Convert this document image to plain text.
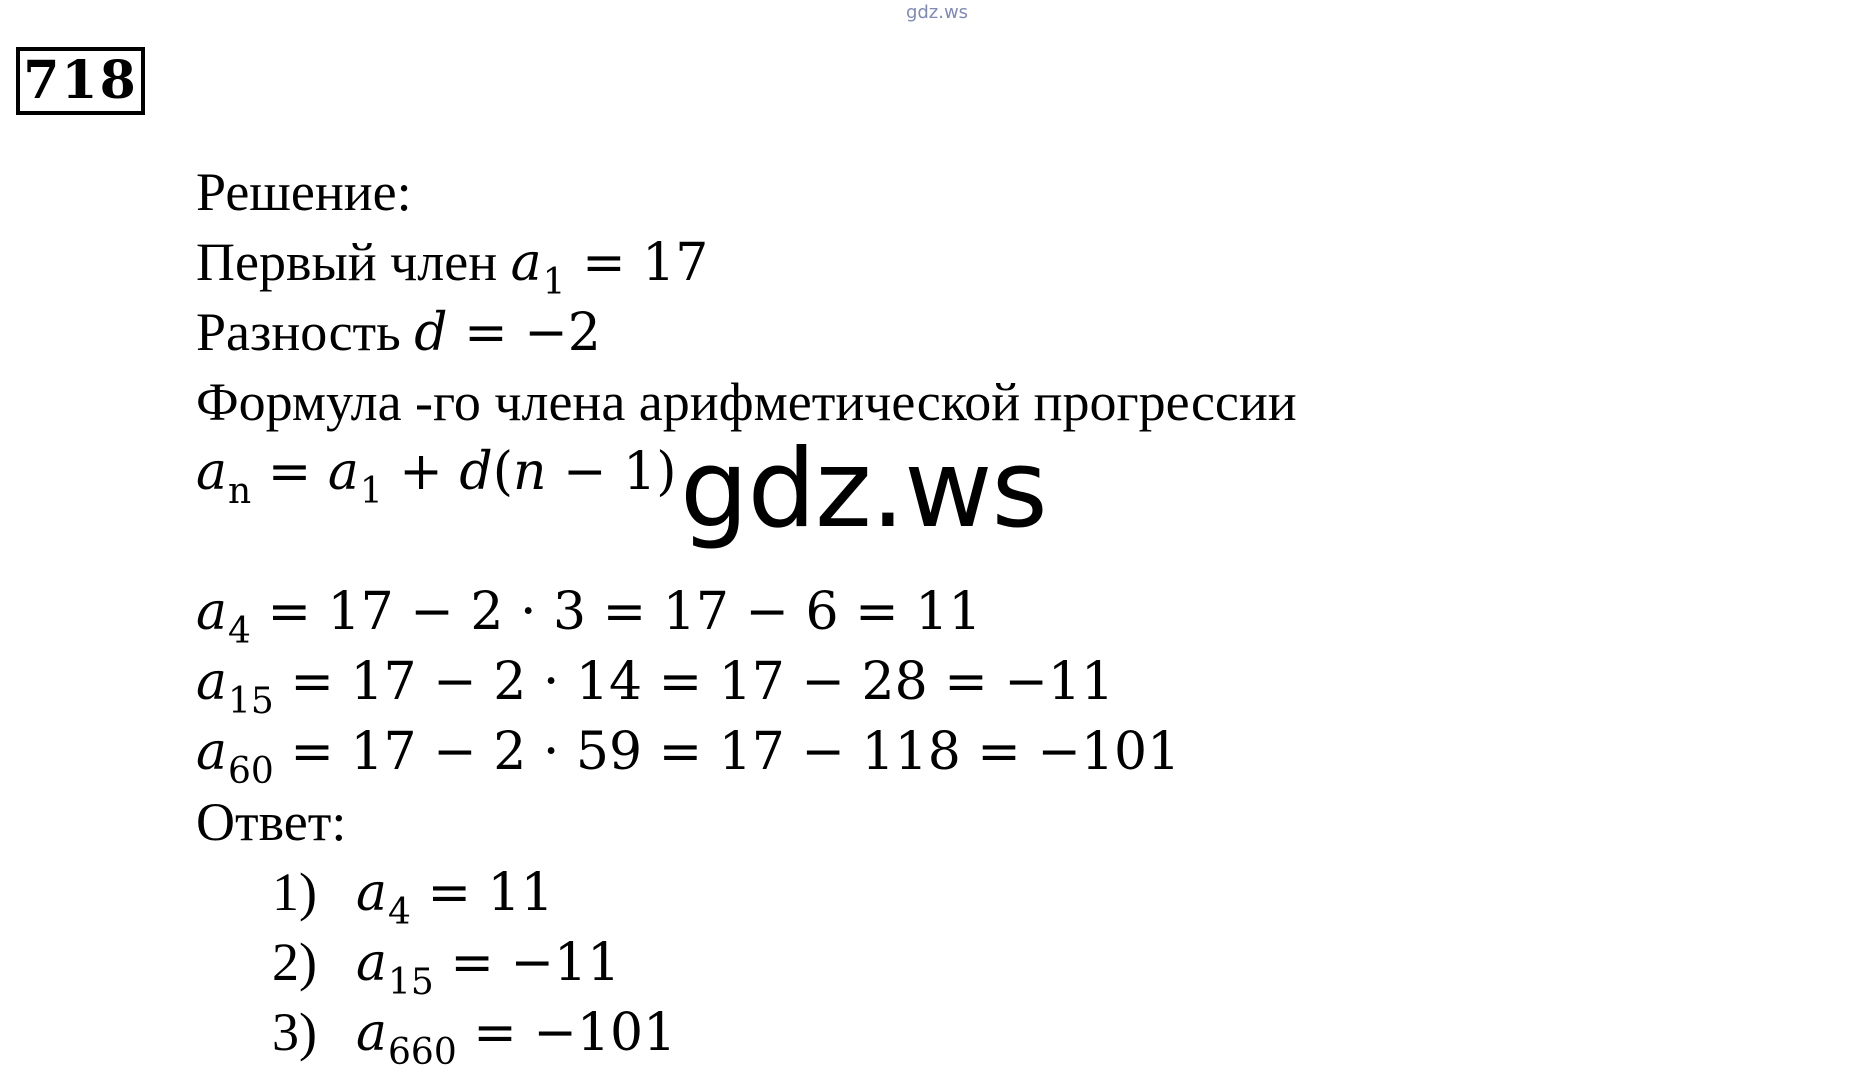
gdz.ws
718
Решение:
Первый член $a_1 = 17$
Разность d = −2
Формула -го члена арифметической прогрессии
$a_n = a_1 + d(n - 1)$
$a_4 = 17 - 2 \cdot 3 = 17 - 6 = 11$
$a_{15} = 17 - 2 \cdot 14 = 17 - 28 = -11$
$a_{60} = 17 - 2 \cdot 59 = 17 - 118 = -101$
Ответ:
1) $a_4 = 11$
2) $a_{15} = -11$
3) $a_{660} = -101$
gdz.ws
